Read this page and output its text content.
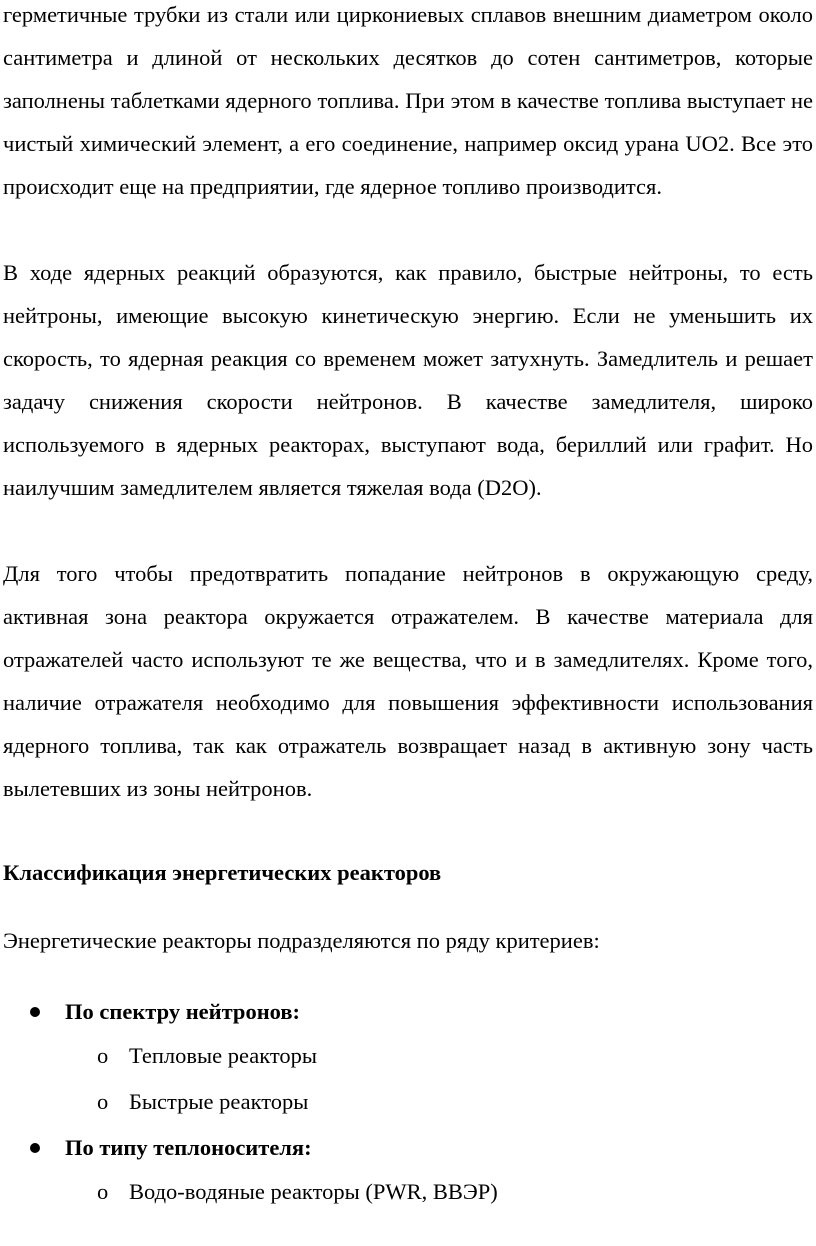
герметичные трубки из стали или циркониевых сплавов внешним диаметром около сантиметра и длиной от нескольких десятков до сотен сантиметров, которые заполнены таблетками ядерного топлива. При этом в качестве топлива выступает не чистый химический элемент, а его соединение, например оксид урана UO2. Все это происходит еще на предприятии, где ядерное топливо производится.

В ходе ядерных реакций образуются, как правило, быстрые нейтроны, то есть нейтроны, имеющие высокую кинетическую энергию. Если не уменьшить их скорость, то ядерная реакция со временем может затухнуть. Замедлитель и решает задачу снижения скорости нейтронов. В качестве замедлителя, широко используемого в ядерных реакторах, выступают вода, бериллий или графит. Но наилучшим замедлителем является тяжелая вода (D2O).

Для того чтобы предотвратить попадание нейтронов в окружающую среду, активная зона реактора окружается отражателем. В качестве материала для отражателей часто используют те же вещества, что и в замедлителях. Кроме того, наличие отражателя необходимо для повышения эффективности использования ядерного топлива, так как отражатель возвращает назад в активную зону часть вылетевших из зоны нейтронов.

Классификация энергетических реакторов
Энергетические реакторы подразделяются по ряду критериев:
По спектру нейтронов:
o Тепловые реакторы
o Быстрые реакторы
По типу теплоносителя:
o Водо-водяные реакторы (PWR, ВВЭР)
